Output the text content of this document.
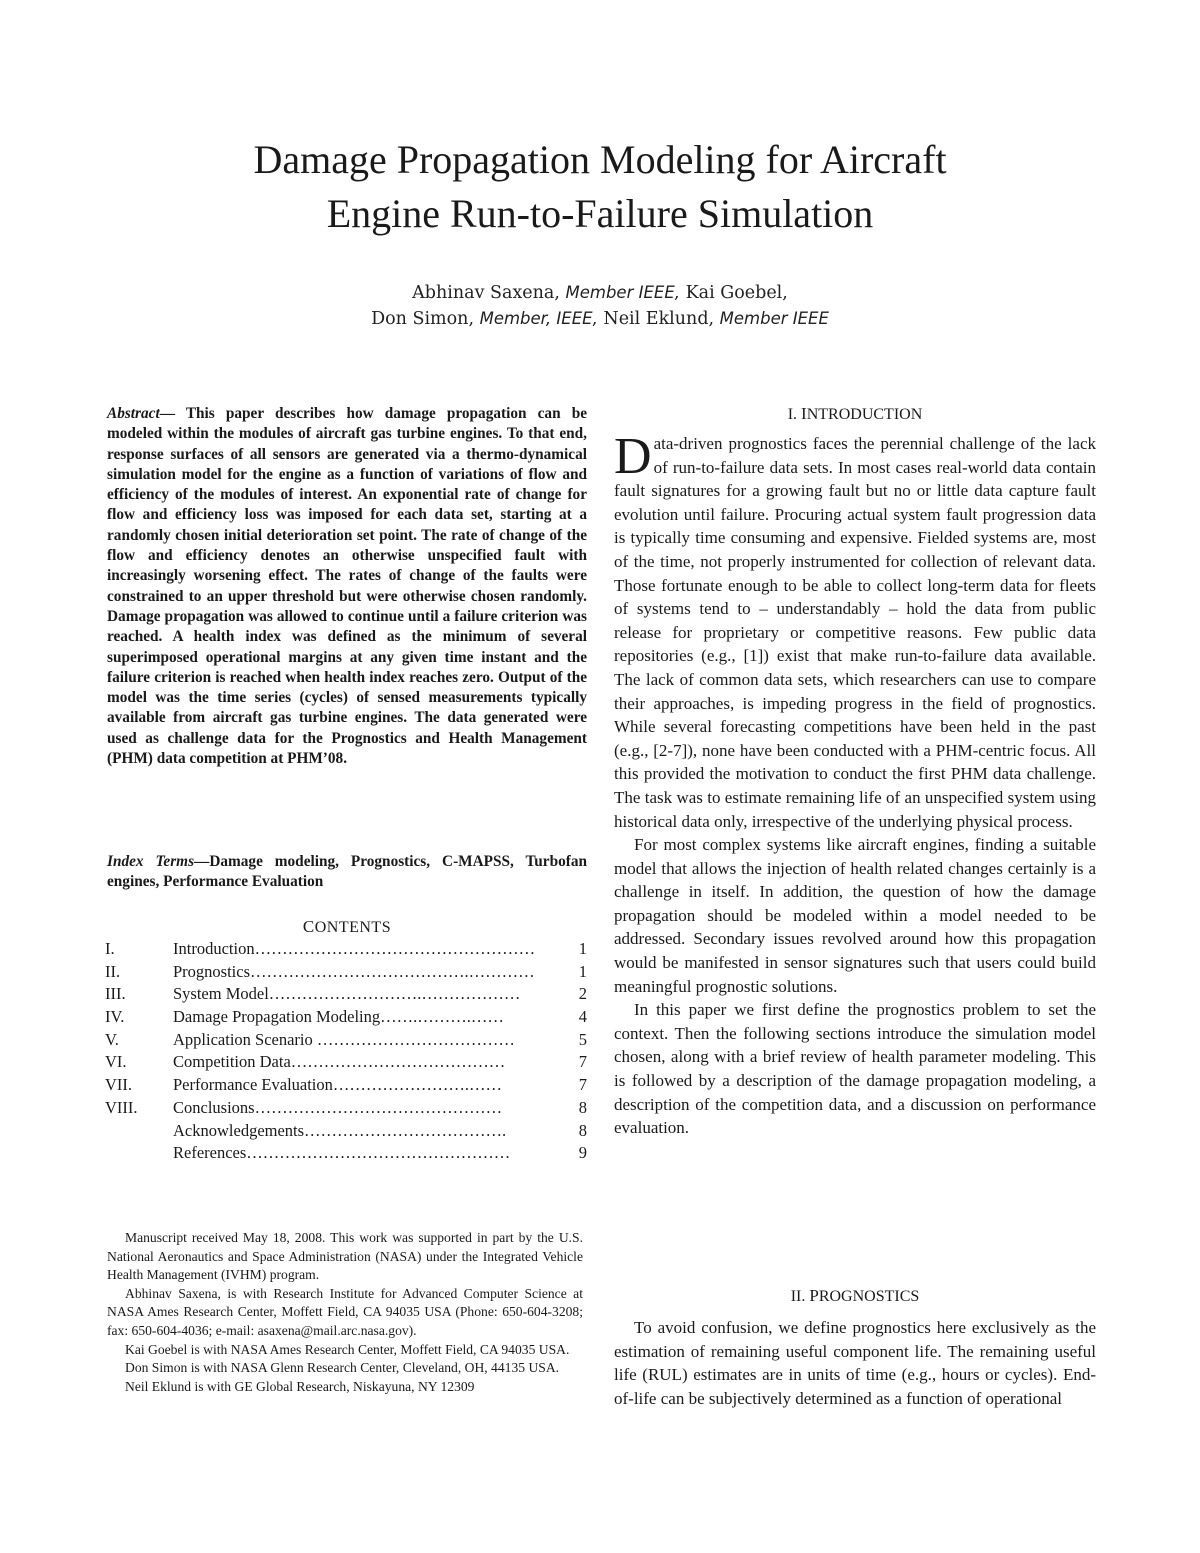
Damage Propagation Modeling for Aircraft
Engine Run-to-Failure Simulation
Abhinav Saxena, Member IEEE, Kai Goebel,
Don Simon, Member, IEEE, Neil Eklund, Member IEEE
Abstract— This paper describes how damage propagation can be modeled within the modules of aircraft gas turbine engines. To that end, response surfaces of all sensors are generated via a thermo-dynamical simulation model for the engine as a function of variations of flow and efficiency of the modules of interest. An exponential rate of change for flow and efficiency loss was imposed for each data set, starting at a randomly chosen initial deterioration set point. The rate of change of the flow and efficiency denotes an otherwise unspecified fault with increasingly worsening effect. The rates of change of the faults were constrained to an upper threshold but were otherwise chosen randomly. Damage propagation was allowed to continue until a failure criterion was reached. A health index was defined as the minimum of several superimposed operational margins at any given time instant and the failure criterion is reached when health index reaches zero. Output of the model was the time series (cycles) of sensed measurements typically available from aircraft gas turbine engines. The data generated were used as challenge data for the Prognostics and Health Management (PHM) data competition at PHM’08.
Index Terms—Damage modeling, Prognostics, C-MAPSS, Turbofan engines, Performance Evaluation
CONTENTS
I.	Introduction……………………………………………	1
II.	Prognostics………………………………….…………	1
III.	System Model……………………….………………	2
IV.	Damage Propagation Modeling…….……….……	4
V.	Application Scenario ………………………………	5
VI.	Competition Data…………………………………	7
VII. Performance Evaluation…………………….……	7
VIII. Conclusions………………………………………	8
Acknowledgements……………………………….	8
References…………………………………………	9

Manuscript received May 18, 2008. This work was supported in part by the U.S. National Aeronautics and Space Administration (NASA) under the Integrated Vehicle Health Management (IVHM) program.

Abhinav Saxena, is with Research Institute for Advanced Computer Science at NASA Ames Research Center, Moffett Field, CA 94035 USA (Phone: 650-604-3208; fax: 650-604-4036; e-mail: asaxena@mail.arc.nasa.gov).

Kai Goebel is with NASA Ames Research Center, Moffett Field, CA 94035 USA.

Don Simon is with NASA Glenn Research Center, Cleveland, OH, 44135 USA.

Neil Eklund is with GE Global Research, Niskayuna, NY 12309

I. INTRODUCTION

Data-driven prognostics faces the perennial challenge of the lack of run-to-failure data sets. In most cases real-world data contain fault signatures for a growing fault but no or little data capture fault evolution until failure. Procuring actual system fault progression data is typically time consuming and expensive. Fielded systems are, most of the time, not properly instrumented for collection of relevant data. Those fortunate enough to be able to collect long-term data for fleets of systems tend to – understandably – hold the data from public release for proprietary or competitive reasons. Few public data repositories (e.g., [1]) exist that make run-to-failure data available. The lack of common data sets, which researchers can use to compare their approaches, is impeding progress in the field of prognostics. While several forecasting competitions have been held in the past (e.g., [2-7]), none have been conducted with a PHM-centric focus. All this provided the motivation to conduct the first PHM data challenge. The task was to estimate remaining life of an unspecified system using historical data only, irrespective of the underlying physical process.

For most complex systems like aircraft engines, finding a suitable model that allows the injection of health related changes certainly is a challenge in itself. In addition, the question of how the damage propagation should be modeled within a model needed to be addressed. Secondary issues revolved around how this propagation would be manifested in sensor signatures such that users could build meaningful prognostic solutions.

In this paper we first define the prognostics problem to set the context. Then the following sections introduce the simulation model chosen, along with a brief review of health parameter modeling. This is followed by a description of the damage propagation modeling, a description of the competition data, and a discussion on performance evaluation.

II. PROGNOSTICS

To avoid confusion, we define prognostics here exclusively as the estimation of remaining useful component life. The remaining useful life (RUL) estimates are in units of time (e.g., hours or cycles). End-of-life can be subjectively determined as a function of operational
